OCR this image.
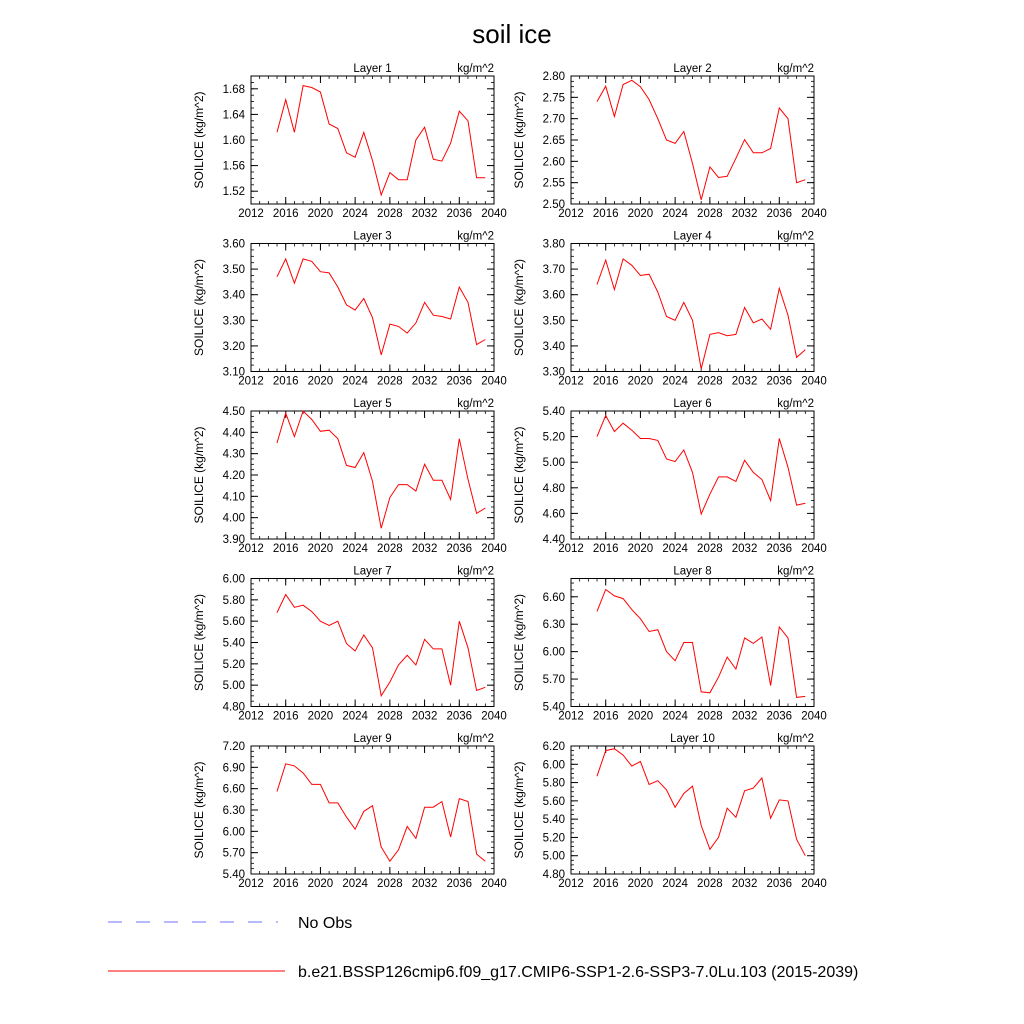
soil ice
2012 2016 2020 2024 2028 2032 2036 2040
1.52
1.56
1.60
1.64
1.68
Layer 1	kg/m^2
SOILICE (kg/m^2)
2012 2016 2020 2024 2028 2032 2036 2040
2.50
2.55
2.60
2.65
2.70
2.75
2.80
Layer 2	kg/m^2
SOILICE (kg/m^2)
2012 2016 2020 2024 2028 2032 2036 2040
3.10
3.20
3.30
3.40
3.50
3.60
Layer 3	kg/m^2
SOILICE (kg/m^2)
2012 2016 2020 2024 2028 2032 2036 2040
3.30
3.40
3.50
3.60
3.70
3.80
Layer 4	kg/m^2
SOILICE (kg/m^2)
2012 2016 2020 2024 2028 2032 2036 2040
3.90
4.00
4.10
4.20
4.30
4.40
4.50
Layer 5	kg/m^2
SOILICE (kg/m^2)
2012 2016 2020 2024 2028 2032 2036 2040
4.40
4.60
4.80
5.00
5.20
5.40
Layer 6	kg/m^2
SOILICE (kg/m^2)
2012 2016 2020 2024 2028 2032 2036 2040
4.80
5.00
5.20
5.40
5.60
5.80
6.00
Layer 7	kg/m^2
SOILICE (kg/m^2)
2012 2016 2020 2024 2028 2032 2036 2040
5.40
5.70
6.00
6.30
6.60
Layer 8	kg/m^2
SOILICE (kg/m^2)
2012 2016 2020 2024 2028 2032 2036 2040
5.40
5.70
6.00
6.30
6.60
6.90
7.20
Layer 9	kg/m^2
SOILICE (kg/m^2)
2012 2016 2020 2024 2028 2032 2036 2040
4.80
5.00
5.20
5.40
5.60
5.80
6.00
6.20
Layer 10	kg/m^2
SOILICE (kg/m^2)
No Obs
b.e21.BSSP126cmip6.f09_g17.CMIP6-SSP1-2.6-SSP3-7.0Lu.103 (2015-2039)
